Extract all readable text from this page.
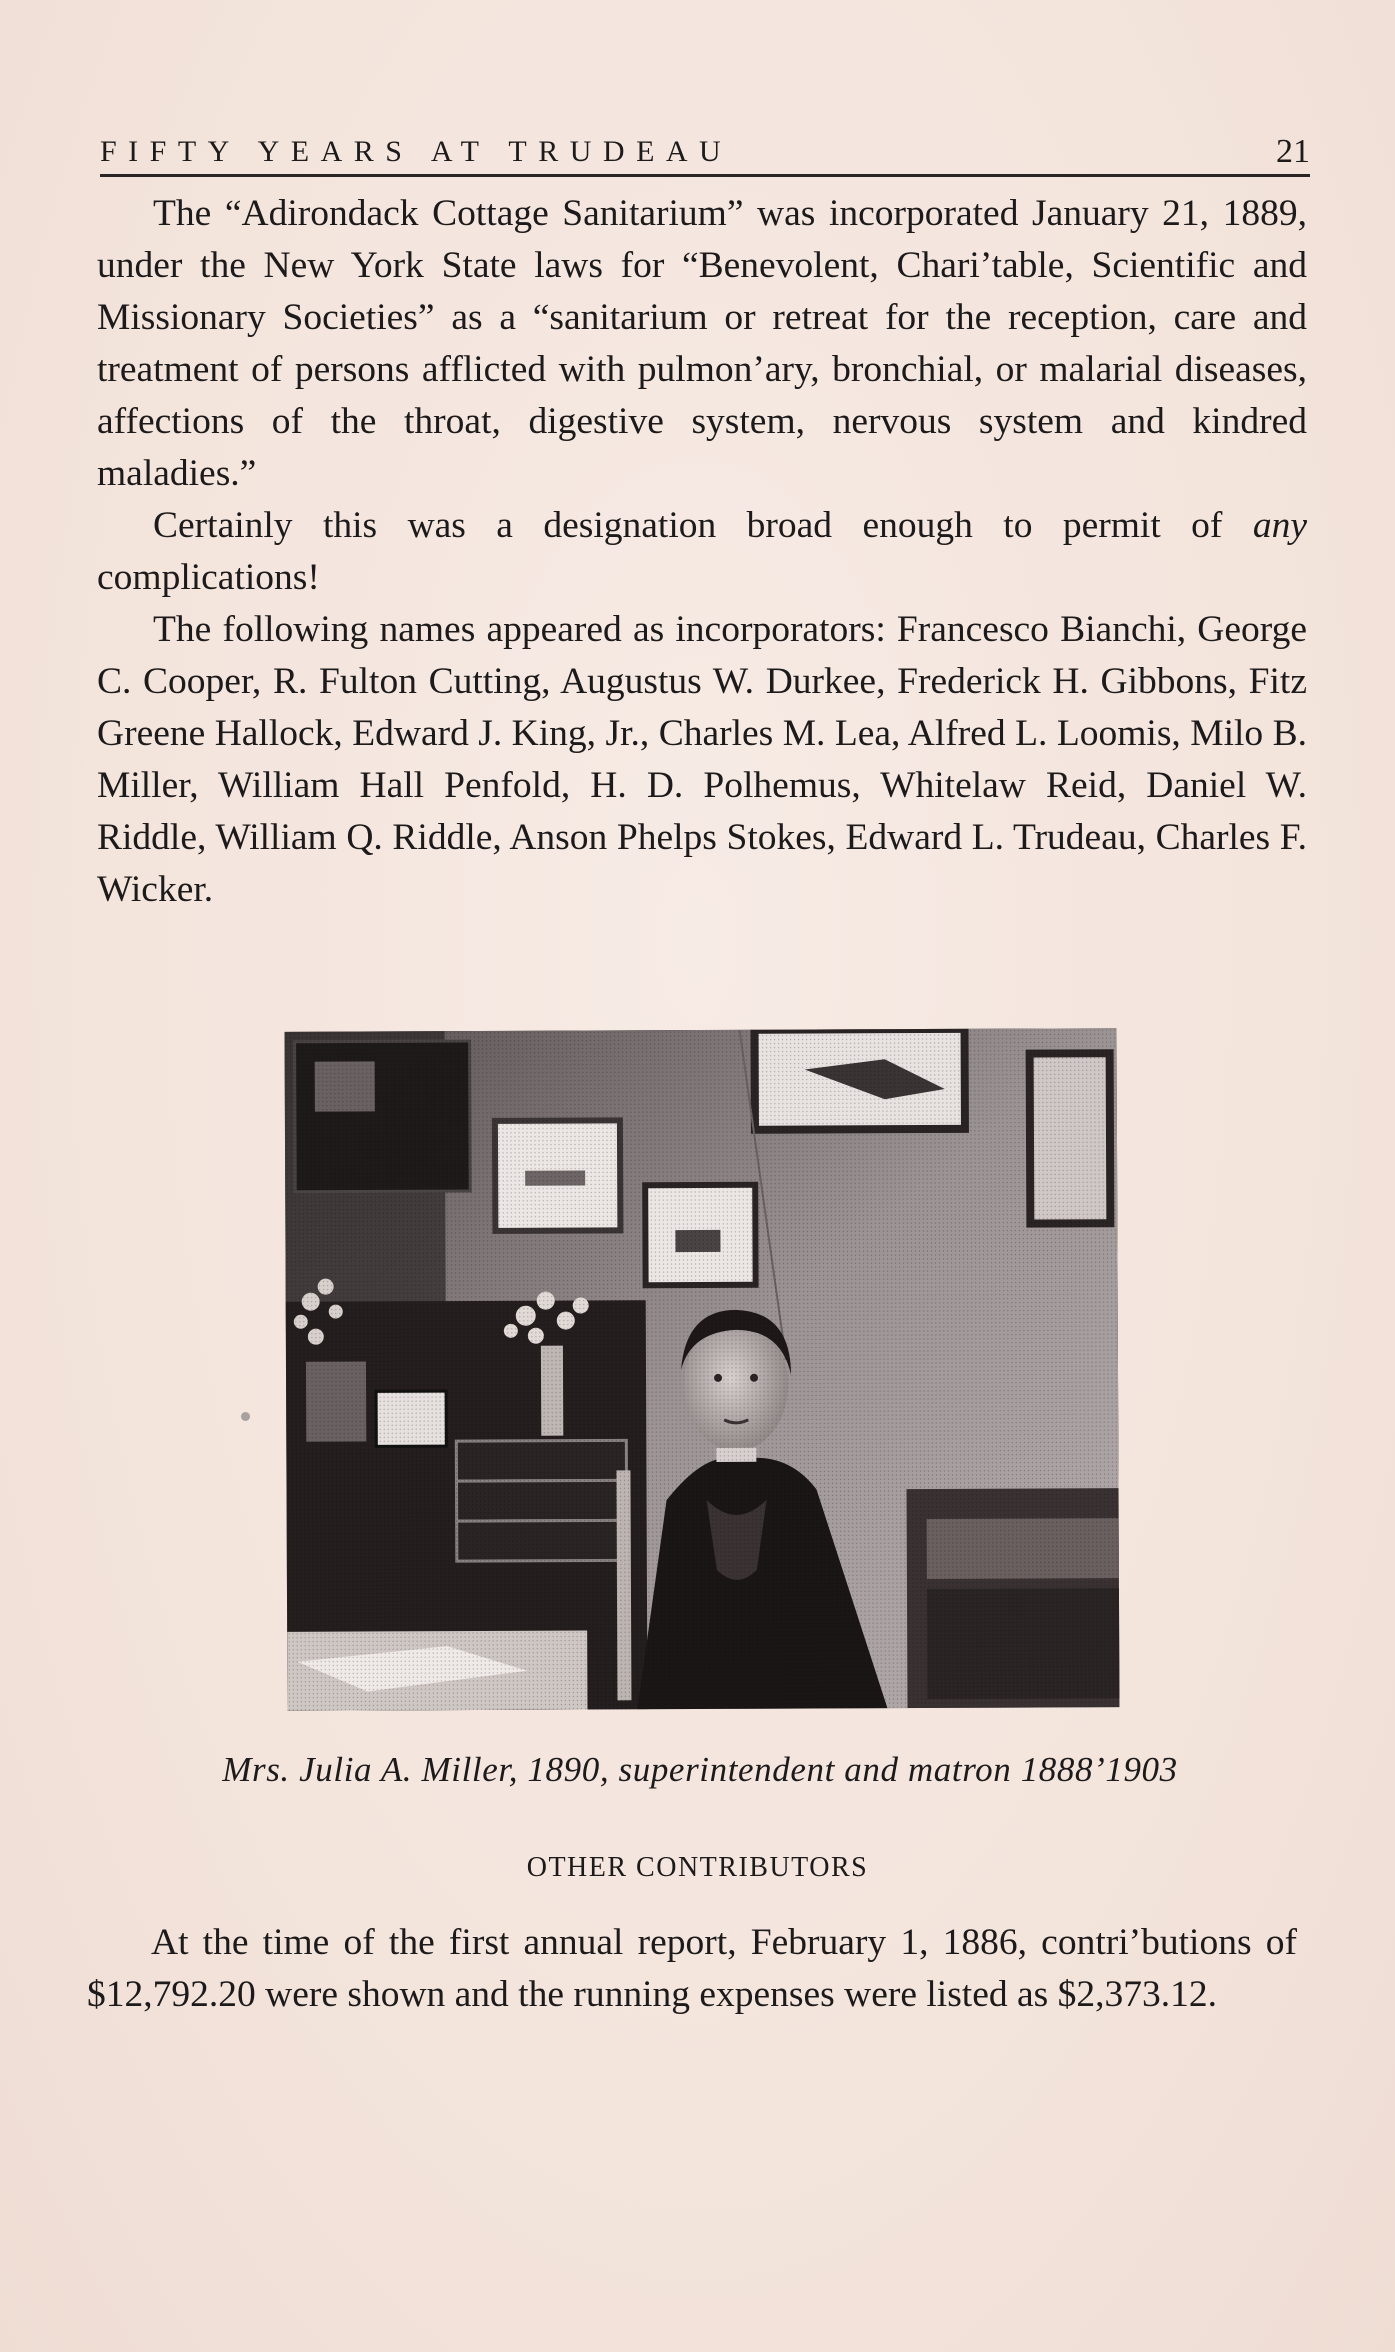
FIFTY YEARS AT TRUDEAU	21

The “Adirondack Cottage Sanitarium” was incorporated January 21, 1889, under the New York State laws for “Benevolent, Chari’table, Scientific and Missionary Societies” as a “sanitarium or retreat for the reception, care and treatment of persons afflicted with pulmon’ary, bronchial, or malarial diseases, affections of the throat, digestive system, nervous system and kindred maladies.”

Certainly this was a designation broad enough to permit of any complications!

The following names appeared as incorporators: Francesco Bianchi, George C. Cooper, R. Fulton Cutting, Augustus W. Durkee, Frederick H. Gibbons, Fitz Greene Hallock, Edward J. King, Jr., Charles M. Lea, Alfred L. Loomis, Milo B. Miller, William Hall Penfold, H. D. Polhemus, Whitelaw Reid, Daniel W. Riddle, William Q. Riddle, Anson Phelps Stokes, Edward L. Trudeau, Charles F. Wicker.

Mrs. Julia A. Miller, 1890, superintendent and matron 1888’1903
OTHER CONTRIBUTORS

At the time of the first annual report, February 1, 1886, contri’butions of $12,792.20 were shown and the running expenses were listed as $2,373.12.
